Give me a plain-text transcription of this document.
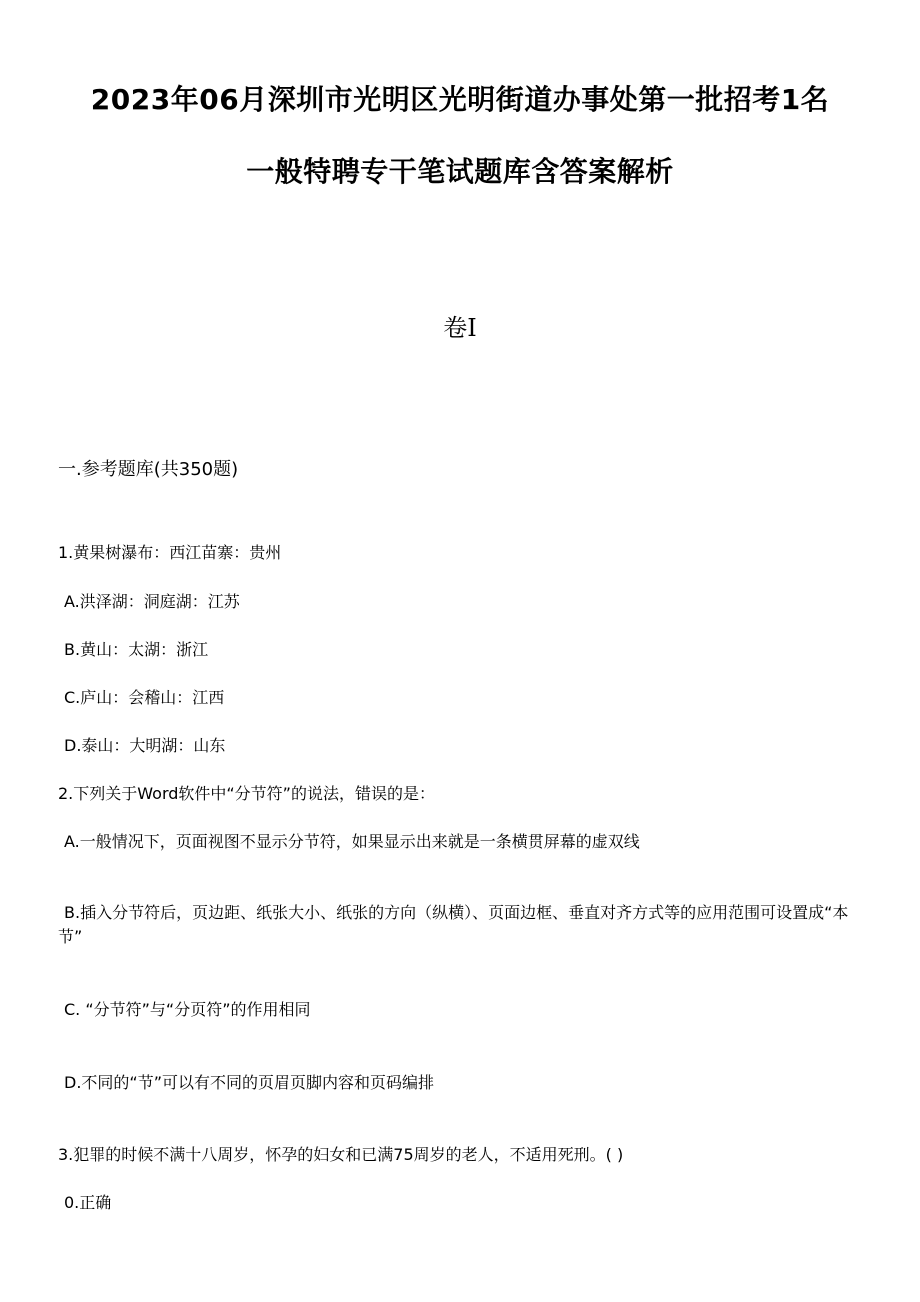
2023年06月深圳市光明区光明街道办事处第一批招考1名
一般特聘专干笔试题库含答案解析
卷I
一.参考题库(共350题)
1.黄果树瀑布：西江苗寨：贵州
A.洪泽湖：洞庭湖：江苏
B.黄山：太湖：浙江
C.庐山：会稽山：江西
D.泰山：大明湖：山东
2.下列关于Word软件中“分节符”的说法，错误的是：
A.一般情况下，页面视图不显示分节符，如果显示出来就是一条横贯屏幕的虚双线
B.插入分节符后，页边距、纸张大小、纸张的方向（纵横）、页面边框、垂直对齐方式等的应用范围可设置成“本节”
C. “分节符”与“分页符”的作用相同
D.不同的“节”可以有不同的页眉页脚内容和页码编排
3.犯罪的时候不满十八周岁，怀孕的妇女和已满75周岁的老人，不适用死刑。( )
0.正确
